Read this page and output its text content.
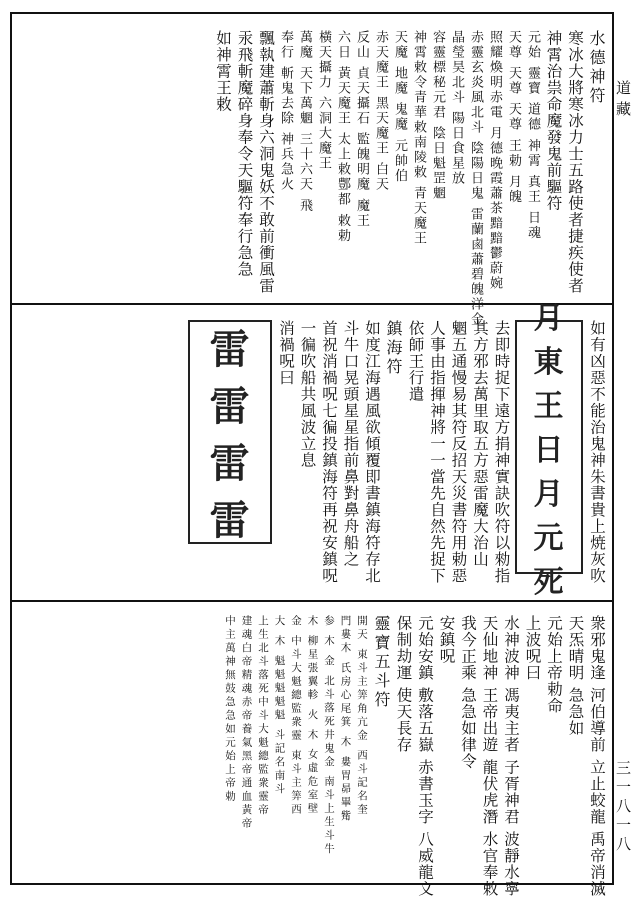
道藏
三一八一八
水德神符
寒冰大將寒冰力士五路使者捷疾使者
神霄治祟命魔發鬼前驅符
元始 靈寶 道德 神霄 真王 日魂
天尊 天尊 天尊 王勅 月魄
照耀煥明赤電 月德晚霞蕭茶黯黯鬱蔚婉
赤靈玄炎風北斗 陰陽日鬼 雷蘭鹵蕭碧魄洋金
晶瑩昊北斗 陽日食星放
容靈標秘元君 陰日魁罡魍
神霄敕令青華敕南陵敕 青天魔王
天魔 地魔 鬼魔 元帥伯
赤天魔王 黑天魔王 白天
反山 貞天攝石 監魄明魔 魔王
六日 黃天魔王 太上敕鄷都 敕勅
橫天攝力 六洞大魔王
萬魔 天下萬魍 三十六天 飛
奉行 斬鬼去除 神兵急火
飄執建蕭斬身六洞鬼妖不敢前衝風雷
汞飛斬魔碎身奉令天驅符奉行急急
如神霄王敕
如有凶惡不能治鬼神朱書貴上焼灰吹
月
東
王
日
月
元
死
去即時捉下遠方捐神實訣吹符以勑指
其方邪去萬里取五方惡雷魔大治山
魍五通慢易其符反招天災書符用勅惡
人事由指揮神將一一當先自然先捉下
依師王行遣
鎮海符
如度江海遇風欲傾覆即書鎮海符存北
斗牛口晃頭星星指前鼻對鼻舟船之
首祝消禍呪七徧投鎮海符再祝安鎮呪
一徧吹船共風波立息
消禍呪曰
雷
雷
雷
雷
衆邪鬼逢 河伯導前 立止蛟龍 禹帝消滅
天炁晴明 急急如
元始上帝勅命
上波呪曰
水神波神 馮夷主者 子胥神君 波靜水寧
天仙地神 王帝出遊 龍伏虎潛 水官奉敕
我今正乘 急急如律令
安鎮呪
元始安鎮 敷落五嶽 赤書玉字 八威龍文
保制劫運 使天長存
靈寶五斗符
開天 東斗主筭角亢金 西斗記名奎
門婁木 氏房心尾箕 木 婁胃昴畢觜
参 木 金 北斗落死井鬼金 南斗上生斗牛
木 柳星張翼軫 火 木 女虛危室壁
金 中斗大魁總監衆靈 東斗主筭西
大 木 魁魁魁魁魁 斗記名南斗
上生北斗落死中斗大魁總監衆靈帝
建魂白帝精魂赤帝養氣黑帝通血黃帝
中主萬神無鼓急急如元始上帝勅
